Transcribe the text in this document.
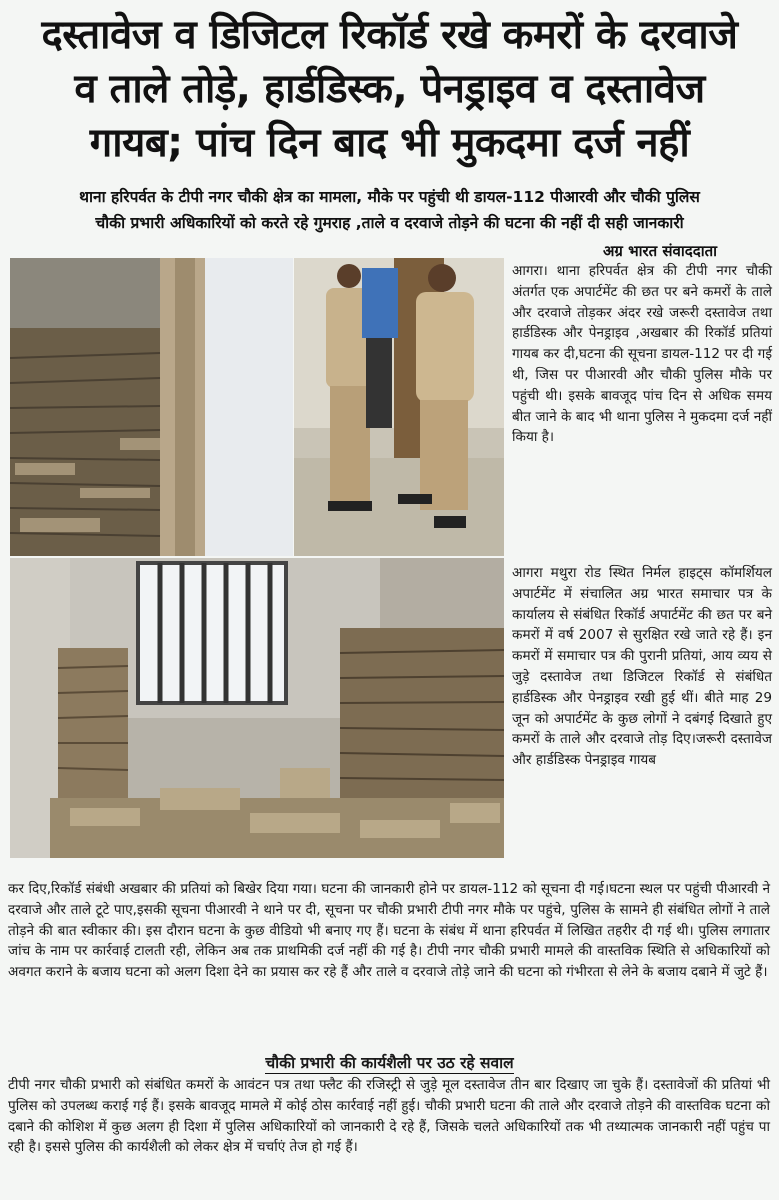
दस्तावेज व डिजिटल रिकॉर्ड रखे कमरों के दरवाजे
व ताले तोड़े, हार्डडिस्क, पेनड्राइव व दस्तावेज
गायब; पांच दिन बाद भी मुकदमा दर्ज नहीं
थाना हरिपर्वत के टीपी नगर चौकी क्षेत्र का मामला, मौके पर पहुंची थी डायल-112 पीआरवी और चौकी पुलिस
चौकी प्रभारी अधिकारियों को करते रहे गुमराह ,ताले व दरवाजे तोड़ने की घटना की नहीं दी सही जानकारी
अग्र भारत संवाददाता
आगरा। थाना हरिपर्वत क्षेत्र की टीपी नगर चौकी अंतर्गत एक अपार्टमेंट की छत पर बने कमरों के ताले और दरवाजे तोड़कर अंदर रखे जरूरी दस्तावेज तथा हार्डडिस्क और पेनड्राइव ,अखबार की रिकॉर्ड प्रतियां गायब कर दी,घटना की सूचना डायल-112 पर दी गई थी, जिस पर पीआरवी और चौकी पुलिस मौके पर पहुंची थी। इसके बावजूद पांच दिन से अधिक समय बीत जाने के बाद भी थाना पुलिस ने मुकदमा दर्ज नहीं किया है।
आगरा मथुरा रोड स्थित निर्मल हाइट्स कॉमर्शियल अपार्टमेंट में संचालित अग्र भारत समाचार पत्र के कार्यालय से संबंधित रिकॉर्ड अपार्टमेंट की छत पर बने कमरों में वर्ष 2007 से सुरक्षित रखे जाते रहे हैं। इन कमरों में समाचार पत्र की पुरानी प्रतियां, आय व्यय से जुड़े दस्तावेज तथा डिजिटल रिकॉर्ड से संबंधित हार्डडिस्क और पेनड्राइव रखी हुई थीं। बीते माह 29 जून को अपार्टमेंट के कुछ लोगों ने दबंगई दिखाते हुए कमरों के ताले और दरवाजे तोड़ दिए।जरूरी दस्तावेज और हार्डडिस्क पेनड्राइव गायब
कर दिए,रिकॉर्ड संबंधी अखबार की प्रतियां को बिखेर दिया गया। घटना की जानकारी होने पर डायल-112 को सूचना दी गई।घटना स्थल पर पहुंची पीआरवी ने दरवाजे और ताले टूटे पाए,इसकी सूचना पीआरवी ने थाने पर दी, सूचना पर चौकी प्रभारी टीपी नगर मौके पर पहुंचे, पुलिस के सामने ही संबंधित लोगों ने ताले तोड़ने की बात स्वीकार की। इस दौरान घटना के कुछ वीडियो भी बनाए गए हैं। घटना के संबंध में थाना हरिपर्वत में लिखित तहरीर दी गई थी। पुलिस लगातार जांच के नाम पर कार्रवाई टालती रही, लेकिन अब तक प्राथमिकी दर्ज नहीं की गई है। टीपी नगर चौकी प्रभारी मामले की वास्तविक स्थिति से अधिकारियों को अवगत कराने के बजाय घटना को अलग दिशा देने का प्रयास कर रहे हैं और ताले व दरवाजे तोड़े जाने की घटना को गंभीरता से लेने के बजाय दबाने में जुटे हैं।
चौकी प्रभारी की कार्यशैली पर उठ रहे सवाल
टीपी नगर चौकी प्रभारी को संबंधित कमरों के आवंटन पत्र तथा फ्लैट की रजिस्ट्री से जुड़े मूल दस्तावेज तीन बार दिखाए जा चुके हैं। दस्तावेजों की प्रतियां भी पुलिस को उपलब्ध कराई गई हैं। इसके बावजूद मामले में कोई ठोस कार्रवाई नहीं हुई। चौकी प्रभारी घटना की ताले और दरवाजे तोड़ने की वास्तविक घटना को दबाने की कोशिश में कुछ अलग ही दिशा में पुलिस अधिकारियों को जानकारी दे रहे हैं, जिसके चलते अधिकारियों तक भी तथ्यात्मक जानकारी नहीं पहुंच पा रही है। इससे पुलिस की कार्यशैली को लेकर क्षेत्र में चर्चाएं तेज हो गई हैं।
